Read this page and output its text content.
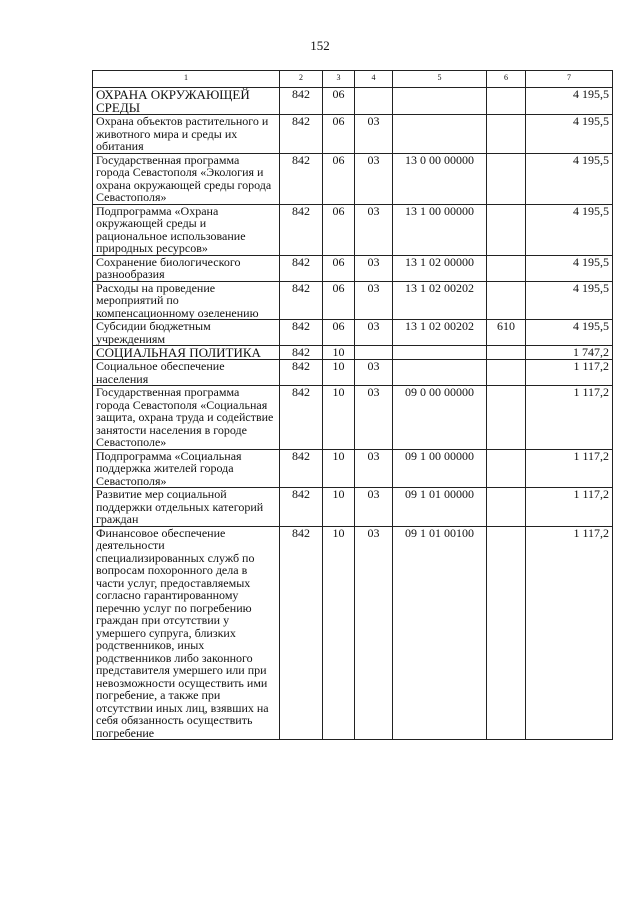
152
1	2	3	4	5	6	7
ОХРАНА ОКРУЖАЮЩЕЙ СРЕДЫ	842	06				4 195,5
Охрана объектов растительного и животного мира и среды их обитания	842	06	03			4 195,5
Государственная программа города Севастополя «Экология и охрана окружающей среды города Севастополя»	842	06	03	13 0 00 00000		4 195,5
Подпрограмма «Охрана окружающей среды и рациональное использование природных ресурсов»	842	06	03	13 1 00 00000		4 195,5
Сохранение биологического разнообразия	842	06	03	13 1 02 00000		4 195,5
Расходы на проведение мероприятий по компенсационному озеленению	842	06	03	13 1 02 00202		4 195,5
Субсидии бюджетным учреждениям	842	06	03	13 1 02 00202	610	4 195,5
СОЦИАЛЬНАЯ ПОЛИТИКА	842	10				1 747,2
Социальное обеспечение населения	842	10	03			1 117,2
Государственная программа города Севастополя «Социальная защита, охрана труда и содействие занятости населения в городе Севастополе»	842	10	03	09 0 00 00000		1 117,2
Подпрограмма «Социальная поддержка жителей города Севастополя»	842	10	03	09 1 00 00000		1 117,2
Развитие мер социальной поддержки отдельных категорий граждан	842	10	03	09 1 01 00000		1 117,2
Финансовое обеспечение деятельности специализированных служб по вопросам похоронного дела в части услуг, предоставляемых согласно гарантированному перечню услуг по погребению граждан при отсутствии у умершего супруга, близких родственников, иных родственников либо законного представителя умершего или при невозможности осуществить ими погребение, а также при отсутствии иных лиц, взявших на себя обязанность осуществить погребение	842	10	03	09 1 01 00100		1 117,2
